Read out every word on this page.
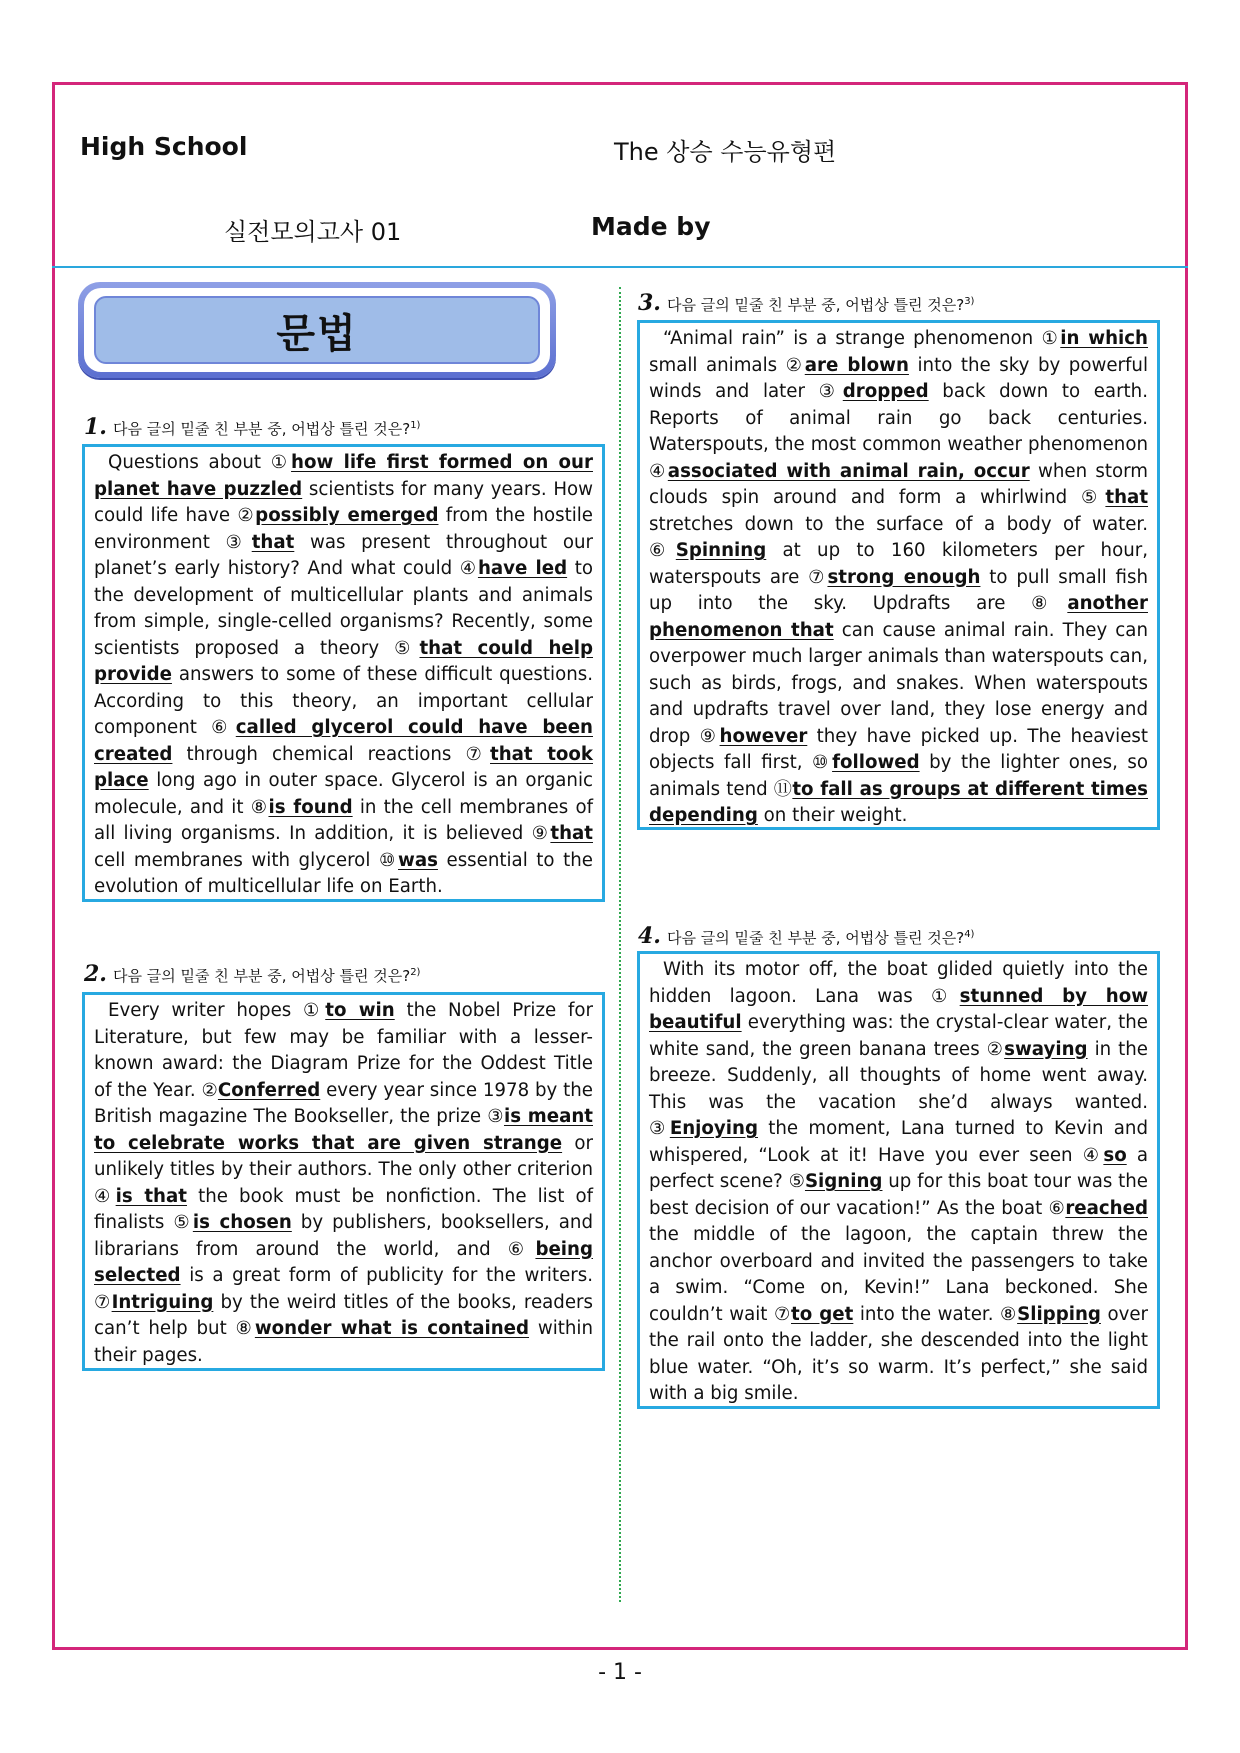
High School	The 상승 수능유형편
실전모의고사 01	Made by
문법
1. 다음 글의 밑줄 친 부분 중, 어법상 틀린 것은?$^{1)}$

Questions about ①how life first formed on our planet have puzzled scientists for many years. How could life have ②possibly emerged from the hostile environment ③that was present throughout our planet’s early history? And what could ④have led to the development of multicellular plants and animals from simple, single-celled organisms? Recently, some scientists proposed a theory ⑤that could help provide answers to some of these difficult questions. According to this theory, an important cellular component ⑥called glycerol could have been created through chemical reactions ⑦that took place long ago in outer space. Glycerol is an organic molecule, and it ⑧is found in the cell membranes of all living organisms. In addition, it is believed ⑨that cell membranes with glycerol ⑩was essential to the evolution of multicellular life on Earth.

2. 다음 글의 밑줄 친 부분 중, 어법상 틀린 것은?$^{2)}$

Every writer hopes ①to win the Nobel Prize for Literature, but few may be familiar with a lesser-known award: the Diagram Prize for the Oddest Title of the Year. ②Conferred every year since 1978 by the British magazine The Bookseller, the prize ③is meant to celebrate works that are given strange or unlikely titles by their authors. The only other criterion ④is that the book must be nonfiction. The list of finalists ⑤is chosen by publishers, booksellers, and librarians from around the world, and ⑥being selected is a great form of publicity for the writers. ⑦Intriguing by the weird titles of the books, readers can’t help but ⑧wonder what is contained within their pages.

3. 다음 글의 밑줄 친 부분 중, 어법상 틀린 것은?$^{3)}$

“Animal rain” is a strange phenomenon ①in which small animals ②are blown into the sky by powerful winds and later ③dropped back down to earth. Reports of animal rain go back centuries. Waterspouts, the most common weather phenomenon ④associated with animal rain, occur when storm clouds spin around and form a whirlwind ⑤that stretches down to the surface of a body of water. ⑥Spinning at up to 160 kilometers per hour, waterspouts are ⑦strong enough to pull small fish up into the sky. Updrafts are ⑧another phenomenon that can cause animal rain. They can overpower much larger animals than waterspouts can, such as birds, frogs, and snakes. When waterspouts and updrafts travel over land, they lose energy and drop ⑨however they have picked up. The heaviest objects fall first, ⑩followed by the lighter ones, so animals tend ⑪to fall as groups at different times depending on their weight.

4. 다음 글의 밑줄 친 부분 중, 어법상 틀린 것은?$^{4)}$

With its motor off, the boat glided quietly into the hidden lagoon. Lana was ①stunned by how beautiful everything was: the crystal-clear water, the white sand, the green banana trees ②swaying in the breeze. Suddenly, all thoughts of home went away. This was the vacation she’d always wanted. ③Enjoying the moment, Lana turned to Kevin and whispered, “Look at it! Have you ever seen ④so a perfect scene? ⑤Signing up for this boat tour was the best decision of our vacation!” As the boat ⑥reached the middle of the lagoon, the captain threw the anchor overboard and invited the passengers to take a swim. “Come on, Kevin!” Lana beckoned. She couldn’t wait ⑦to get into the water. ⑧Slipping over the rail onto the ladder, she descended into the light blue water. “Oh, it’s so warm. It’s perfect,” she said with a big smile.

- 1 -
